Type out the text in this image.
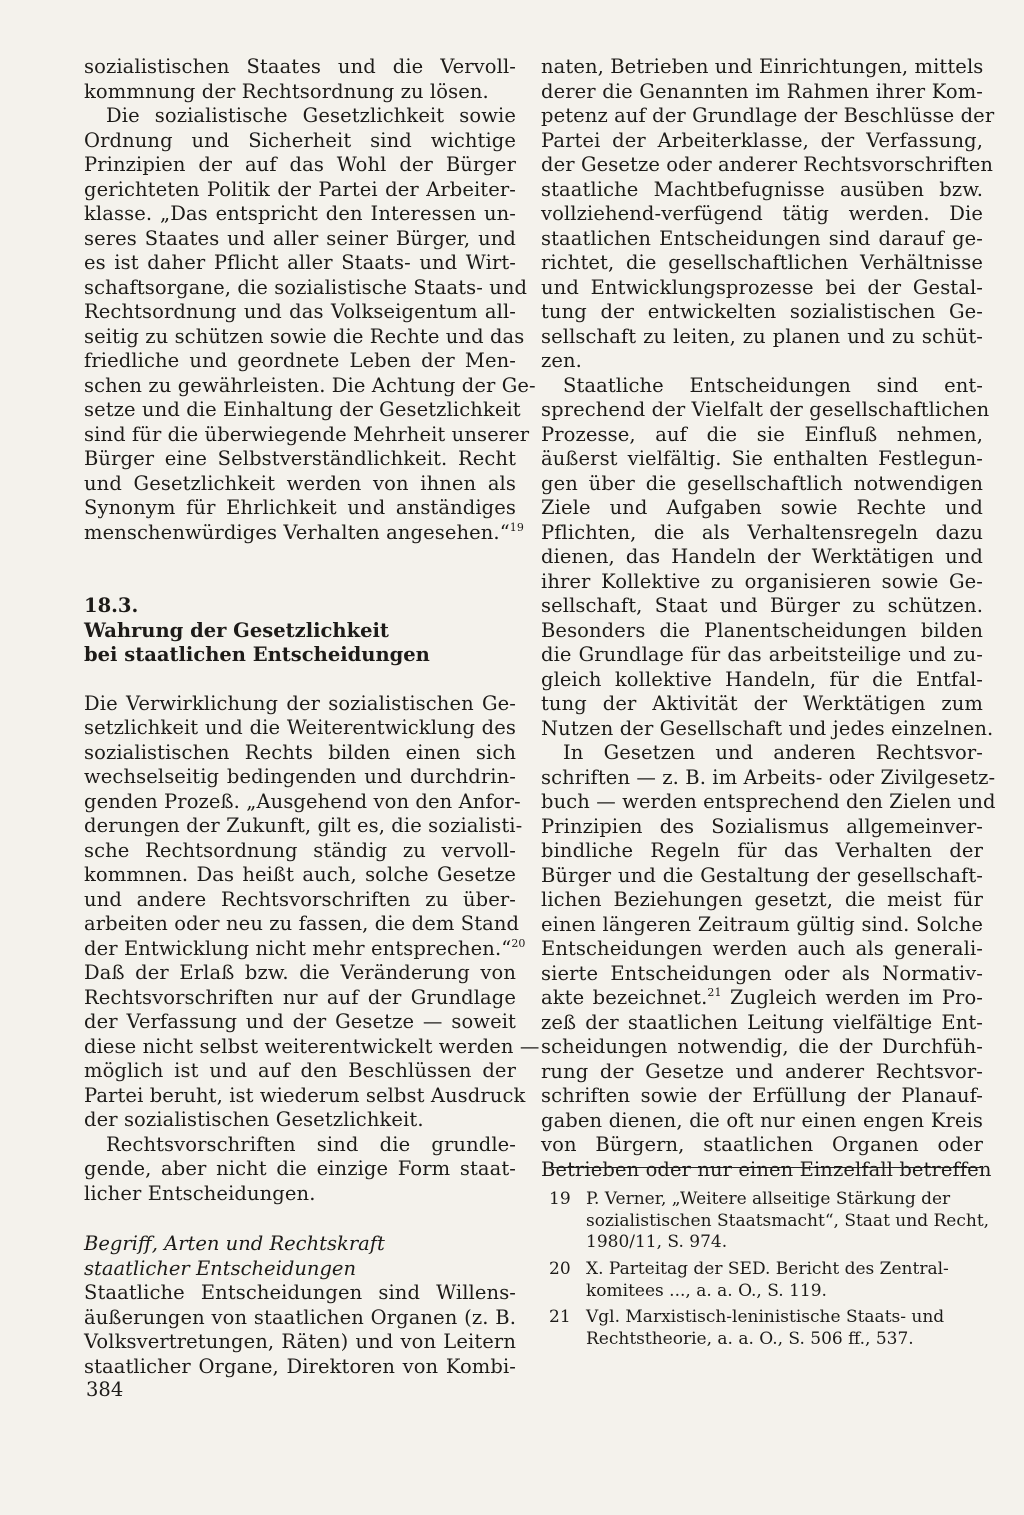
sozialistischen Staates und die Vervoll-
kommnung der Rechtsordnung zu lösen.
Die sozialistische Gesetzlichkeit sowie
Ordnung und Sicherheit sind wichtige
Prinzipien der auf das Wohl der Bürger
gerichteten Politik der Partei der Arbeiter-
klasse. „Das entspricht den Interessen un-
seres Staates und aller seiner Bürger, und
es ist daher Pflicht aller Staats- und Wirt-
schaftsorgane, die sozialistische Staats- und
Rechtsordnung und das Volkseigentum all-
seitig zu schützen sowie die Rechte und das
friedliche und geordnete Leben der Men-
schen zu gewährleisten. Die Achtung der Ge-
setze und die Einhaltung der Gesetzlichkeit
sind für die überwiegende Mehrheit unserer
Bürger eine Selbstverständlichkeit. Recht
und Gesetzlichkeit werden von ihnen als
Synonym für Ehrlichkeit und anständiges
menschenwürdiges Verhalten angesehen.“$^{19}$
18.3.
Wahrung der Gesetzlichkeit
bei staatlichen Entscheidungen
Die Verwirklichung der sozialistischen Ge-
setzlichkeit und die Weiterentwicklung des
sozialistischen Rechts bilden einen sich
wechselseitig bedingenden und durchdrin-
genden Prozeß. „Ausgehend von den Anfor-
derungen der Zukunft, gilt es, die sozialisti-
sche Rechtsordnung ständig zu vervoll-
kommnen. Das heißt auch, solche Gesetze
und andere Rechtsvorschriften zu über-
arbeiten oder neu zu fassen, die dem Stand
der Entwicklung nicht mehr entsprechen.“$^{20}$
Daß der Erlaß bzw. die Veränderung von
Rechtsvorschriften nur auf der Grundlage
der Verfassung und der Gesetze — soweit
diese nicht selbst weiterentwickelt werden —
möglich ist und auf den Beschlüssen der
Partei beruht, ist wiederum selbst Ausdruck
der sozialistischen Gesetzlichkeit.
Rechtsvorschriften sind die grundle-
gende, aber nicht die einzige Form staat-
licher Entscheidungen.
Begriff, Arten und Rechtskraft
staatlicher Entscheidungen
Staatliche Entscheidungen sind Willens-
äußerungen von staatlichen Organen (z. B.
Volksvertretungen, Räten) und von Leitern
staatlicher Organe, Direktoren von Kombi-
naten, Betrieben und Einrichtungen, mittels
derer die Genannten im Rahmen ihrer Kom-
petenz auf der Grundlage der Beschlüsse der
Partei der Arbeiterklasse, der Verfassung,
der Gesetze oder anderer Rechtsvorschriften
staatliche Machtbefugnisse ausüben bzw.
vollziehend-verfügend tätig werden. Die
staatlichen Entscheidungen sind darauf ge-
richtet, die gesellschaftlichen Verhältnisse
und Entwicklungsprozesse bei der Gestal-
tung der entwickelten sozialistischen Ge-
sellschaft zu leiten, zu planen und zu schüt-
zen.
Staatliche Entscheidungen sind ent-
sprechend der Vielfalt der gesellschaftlichen
Prozesse, auf die sie Einfluß nehmen,
äußerst vielfältig. Sie enthalten Festlegun-
gen über die gesellschaftlich notwendigen
Ziele und Aufgaben sowie Rechte und
Pflichten, die als Verhaltensregeln dazu
dienen, das Handeln der Werktätigen und
ihrer Kollektive zu organisieren sowie Ge-
sellschaft, Staat und Bürger zu schützen.
Besonders die Planentscheidungen bilden
die Grundlage für das arbeitsteilige und zu-
gleich kollektive Handeln, für die Entfal-
tung der Aktivität der Werktätigen zum
Nutzen der Gesellschaft und jedes einzelnen.
In Gesetzen und anderen Rechtsvor-
schriften — z. B. im Arbeits- oder Zivilgesetz-
buch — werden entsprechend den Zielen und
Prinzipien des Sozialismus allgemeinver-
bindliche Regeln für das Verhalten der
Bürger und die Gestaltung der gesellschaft-
lichen Beziehungen gesetzt, die meist für
einen längeren Zeitraum gültig sind. Solche
Entscheidungen werden auch als generali-
sierte Entscheidungen oder als Normativ-
akte bezeichnet.$^{21}$ Zugleich werden im Pro-
zeß der staatlichen Leitung vielfältige Ent-
scheidungen notwendig, die der Durchfüh-
rung der Gesetze und anderer Rechtsvor-
schriften sowie der Erfüllung der Planauf-
gaben dienen, die oft nur einen engen Kreis
von Bürgern, staatlichen Organen oder
Betrieben oder nur einen Einzelfall betreffen
19 P. Verner, „Weitere allseitige Stärkung der
sozialistischen Staatsmacht“, Staat und Recht,
1980/11, S. 974.
20 X. Parteitag der SED. Bericht des Zentral-
komitees ..., a. a. O., S. 119.
21 Vgl. Marxistisch-leninistische Staats- und
Rechtstheorie, a. a. O., S. 506 ff., 537.
384
